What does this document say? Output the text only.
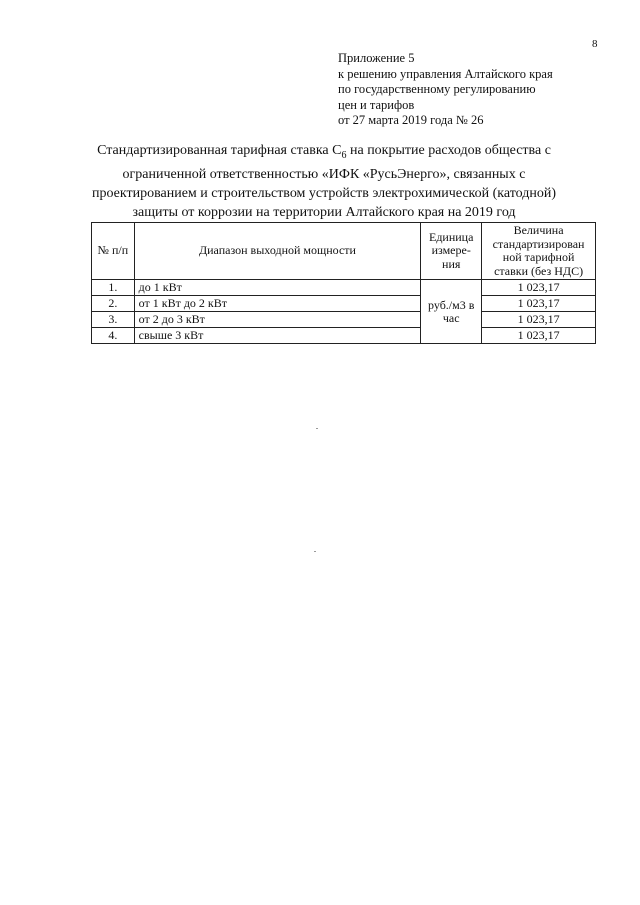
8
Приложение 5
к решению управления Алтайского края
по государственному регулированию
цен и тарифов
от 27 марта 2019 года № 26
Стандартизированная тарифная ставка $С_6$ на покрытие расходов общества с ограниченной ответственностью «ИФК «РусьЭнерго», связанных с проектированием и строительством устройств электрохимической (катодной) защиты от коррозии на территории Алтайского края на 2019 год
№ п/п	Диапазон выходной мощности	Единица измере-ния	Величина стандартизирован ной тарифной ставки (без НДС)
1.	до 1 кВт	руб./м3 в час	1 023,17
2.	от 1 кВт до 2 кВт		1 023,17
3.	от 2 до 3 кВт		1 023,17
4.	свыше 3 кВт		1 023,17
